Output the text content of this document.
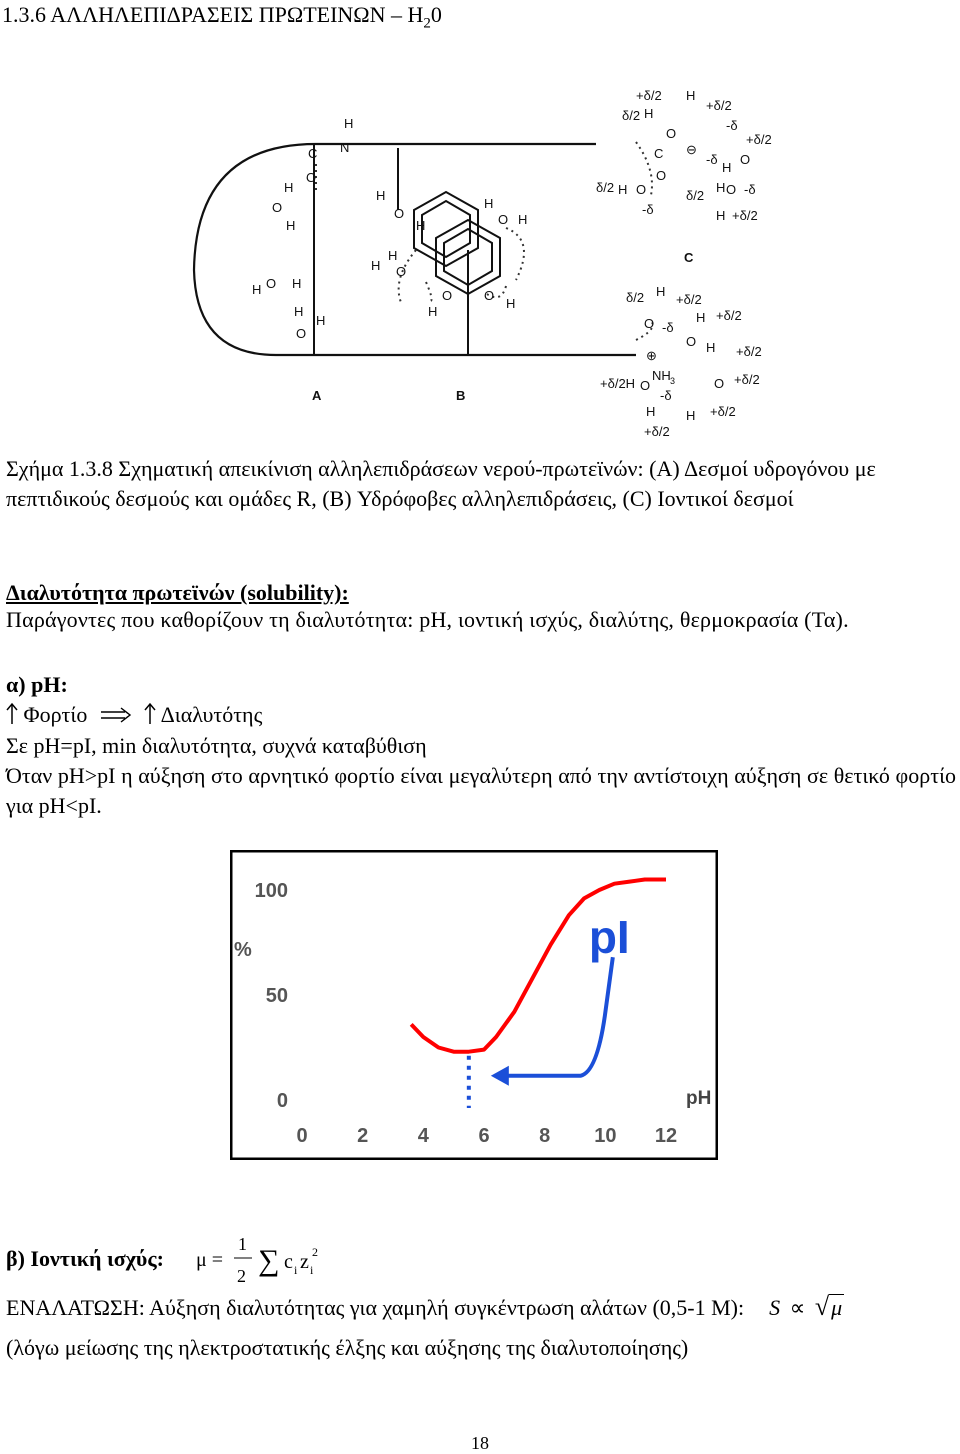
1.3.6 ΑΛΛΗΛΕΠΙΔΡΑΣΕΙΣ ΠΡΩΤΕΙΝΩΝ – $H_20$
C
O
H
N
H
O
H
H
O
H
H
H
O
H
O
H
H
O H
H
O
H
O
H
O
H
A	B
C
C
O
O
⊖
⊕
NH 3
+δ/2 H
+δ/2
δ/2 H
-δ
+δ/2
-δ
H
O
δ/2 H O
-δ
δ/2
H O -δ
H +δ/2
δ/2 H
+δ/2
O -δ
H +δ/2
O H +δ/2
+δ/2H O
-δ
H
+δ/2
O +δ/2
H +δ/2
Σχήμα 1.3.8 Σχηματική απεικίνιση αλληλεπιδράσεων νερού-πρωτεϊνών: (A) Δεσμοί υδρογόνου με πεπτιδικούς δεσμούς και ομάδες R, (B) Υδρόφοβες αλληλεπιδράσεις, (C) Ιοντικοί δεσμοί
Διαλυτότητα πρωτεϊνών (solubility):
Παράγοντες που καθορίζουν τη διαλυτότητα: pH, ιοντική ισχύς, διαλύτης, θερμοκρασία (Τα).
α) pH:
Φορτίο	Διαλυτότης
Σε pH=pI, min διαλυτότητα, συχνά καταβύθιση
Όταν pH>pI η αύξηση στο αρνητικό φορτίο είναι μεγαλύτερη από την αντίστοιχη αύξηση σε θετικό φορτίο για pH<pI.
0 2 4 6 8 10 12
0
50
100
%
pH
pI
β) Ιοντική ισχύς: μ =
1
2 ∑ c i z i
2
ΕΝΑΛΑΤΩΣΗ: Αύξηση διαλυτότητας για χαμηλή συγκέντρωση αλάτων (0,5-1 M): S ∝ √μ
(λόγω μείωσης της ηλεκτροστατικής έλξης και αύξησης της διαλυτοποίησης)
18
